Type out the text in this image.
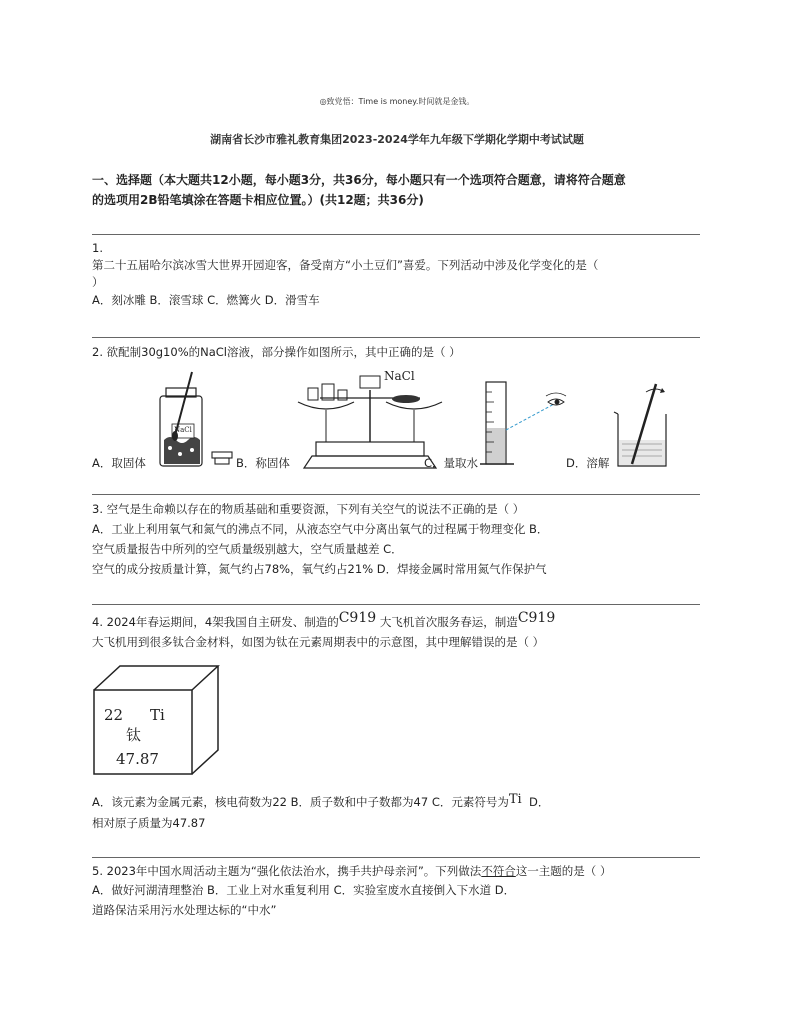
◎致党悟：Time is money.时间就是金钱。
湖南省长沙市雅礼教育集团2023-2024学年九年级下学期化学期中考试试题
一、选择题（本大题共12小题，每小题3分，共36分，每小题只有一个选项符合题意，请将符合题意
的选项用2B铅笔填涂在答题卡相应位置。）(共12题；共36分)
1.
第二十五届哈尔滨冰雪大世界开园迎客，备受南方“小土豆们”喜爱。下列活动中涉及化学变化的是（
）
A．刻冰雕 B．滚雪球 C．燃篝火 D．滑雪车
2. 欲配制30g10%的NaCl溶液，部分操作如图所示，其中正确的是（ ）
NaCl
A．取固体	B．称固体
NaCl
C．量取水	D．溶解
3. 空气是生命赖以存在的物质基础和重要资源，下列有关空气的说法不正确的是（ ）
A．工业上利用氧气和氮气的沸点不同，从液态空气中分离出氧气的过程属于物理变化 B．
空气质量报告中所列的空气质量级别越大，空气质量越差 C．
空气的成分按质量计算，氮气约占78%，氧气约占21% D．焊接金属时常用氮气作保护气
4. 2024年春运期间，4架我国自主研发、制造的C919 大飞机首次服务春运，制造C919
大飞机用到很多钛合金材料，如图为钛在元素周期表中的示意图，其中理解错误的是（ ）
22 Ti
钛
47.87
A．该元素为金属元素，核电荷数为22 B．质子数和中子数都为47 C．元素符号为Ti D．
相对原子质量为47.87
5. 2023年中国水周活动主题为“强化依法治水，携手共护母亲河”。下列做法不符合这一主题的是（ ）
A．做好河湖清理整治 B．工业上对水重复利用 C．实验室废水直接倒入下水道 D．
道路保洁采用污水处理达标的“中水”
